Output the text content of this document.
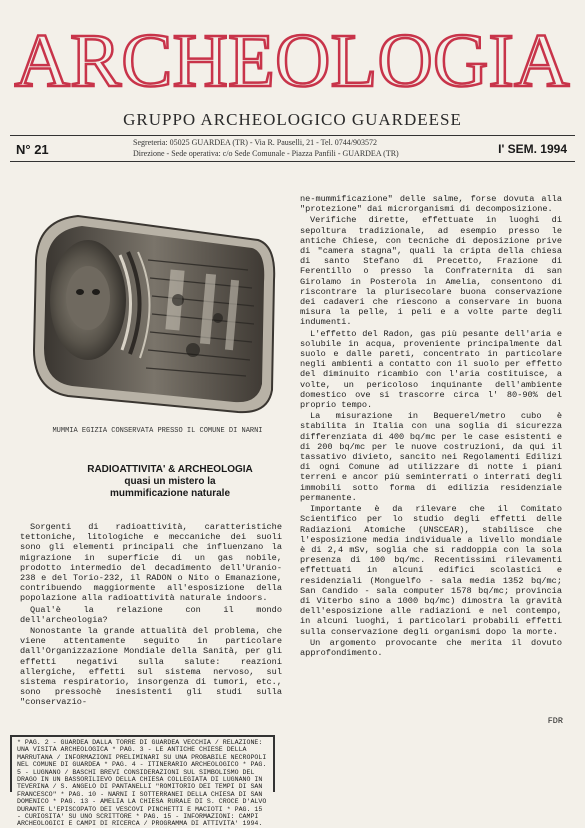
ARCHEOLOGIA
GRUPPO ARCHEOLOGICO GUARDEESE
N° 21	Segreteria: 05025 GUARDEA (TR) - Via R. Pauselli, 21 - Tel. 0744/903572
Direzione - Sede operativa: c/o Sede Comunale - Piazza Panfili - GUARDEA (TR)	I' SEM. 1994
MUMMIA EGIZIA CONSERVATA PRESSO IL COMUNE DI NARNI
RADIOATTIVITA' & ARCHEOLOGIA
quasi un mistero la
mummificazione naturale

Sorgenti di radioattività, caratteristiche tettoniche, litologiche e meccaniche dei suoli sono gli elementi principali che influenzano la migrazione in superficie di un gas nobile, prodotto intermedio del decadimento dell'Uranio-238 e del Torio-232, il RADON o Nito o Emanazione, contribuendo maggiormente all'esposizione della popolazione alla radioattività naturale indoors.

Qual'è la relazione con il mondo dell'archeologia?

Nonostante la grande attualità del problema, che viene attentamente seguito in particolare dall'Organizzazione Mondiale della Sanità, per gli effetti negativi sulla salute: reazioni allergiche, effetti sul sistema nervoso, sul sistema respiratorio, insorgenza di tumori, etc., sono pressochè inesistenti gli studi sulla "conservazio-

ne-mummificazione" delle salme, forse dovuta alla "protezione" dai microrganismi di decomposizione.

Verifiche dirette, effettuate in luoghi di sepoltura tradizionale, ad esempio presso le antiche Chiese, con tecniche di deposizione prive di "camera stagna", quali la cripta della chiesa di santo Stefano di Precetto, Frazione di Ferentillo o presso la Confraternita di san Girolamo in Posterola in Amelia, consentono di riscontrare la plurisecolare buona conservazione dei cadaveri che riescono a conservare in buona misura la pelle, i peli e a volte parte degli indumenti.

L'effetto del Radon, gas più pesante dell'aria e solubile in acqua, proveniente principalmente dal suolo e dalle pareti, concentrato in particolare negli ambienti a contatto con il suolo per effetto del diminuito ricambio con l'aria costituisce, a volte, un pericoloso inquinante dell'ambiente domestico ove si trascorre circa l' 80-90% del proprio tempo.

La misurazione in Bequerel/metro cubo è stabilita in Italia con una soglia di sicurezza differenziata di 400 bq/mc per le case esistenti e di 200 bq/mc per le nuove costruzioni, da qui il tassativo divieto, sancito nei Regolamenti Edilizi di ogni Comune ad utilizzare di notte i piani terreni e ancor più seminterrati o interrati degli immobili sotto forma di edilizia residenziale permanente.

Importante è da rilevare che il Comitato Scientifico per lo studio degli effetti delle Radiazioni Atomiche (UNSCEAR), stabilisce che l'esposizione media individuale a livello mondiale è di 2,4 mSv, soglia che si raddoppia con la sola presenza di 100 bq/mc. Recentissimi rilevamenti effettuati in alcuni edifici scolastici e residenziali (Monguelfo - sala media 1352 bq/mc; San Candido - sala computer 1578 bq/mc; provincia di Viterbo sino a 1000 bq/mc) dimostra la gravità dell'esposizione alle radiazioni e nel contempo, in alcuni luoghi, i particolari probabili effetti sulla conservazione degli organismi dopo la morte.

Un argomento provocante che merita il dovuto approfondimento.

FDR
* PAG. 2 - GUARDEA DALLA TORRE DI GUARDEA VECCHIA / RELAZIONE: UNA VISITA ARCHEOLOGICA * PAG. 3 - LE ANTICHE CHIESE DELLA MARRUTANA / INFORMAZIONI PRELIMINARI SU UNA PROBABILE NECROPOLI NEL COMUNE DI GUARDEA * PAG. 4 - ITINERARIO ARCHEOLOGICO * PAG. 5 - LUGNANO / BASCHI BREVI CONSIDERAZIONI SUL SIMBOLISMO DEL DRAGO IN UN BASSORILIEVO DELLA CHIESA COLLEGIATA DI LUGNANO IN TEVERINA / S. ANGELO DI PANTANELLI "ROMITORIO DEI TEMPI DI SAN FRANCESCO" * PAG. 10 - NARNI I SOTTERRANEI DELLA CHIESA DI SAN DOMENICO * PAG. 13 - AMELIA LA CHIESA RURALE DI S. CROCE D'ALVO DURANTE L'EPISCOPATO DEI VESCOVI PINCHETTI E MACIOTI * PAG. 15 - CURIOSITA' SU UNO SCRITTORE * PAG. 15 - INFORMAZIONI: CAMPI ARCHEOLOGICI E CAMPI DI RICERCA / PROGRAMMA DI ATTIVITA' 1994.
